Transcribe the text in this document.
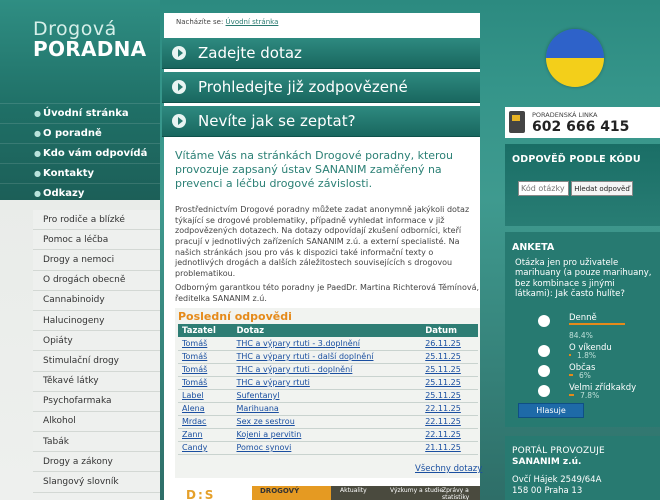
Drogová
PORADNA
● Úvodní stránka
● O poradně
● Kdo vám odpovídá
● Kontakty
● Odkazy
Pro rodiče a blízké
Pomoc a léčba
Drogy a nemoci
O drogách obecně
Cannabinoidy
Halucinogeny
Opiáty
Stimulační drogy
Těkavé látky
Psychofarmaka
Alkohol
Tabák
Drogy a zákony
Slangový slovník
Nacházíte se: Úvodní stránka
Zadejte dotaz
Prohledejte již zodpovězené
Nevíte jak se zeptat?
Vítáme Vás na stránkách Drogové poradny, kterou provozuje zapsaný ústav SANANIM zaměřený na prevenci a léčbu drogové závislosti.
Prostřednictvím Drogové poradny můžete zadat anonymně jakýkoli dotaz týkající se drogové problematiky, případně vyhledat informace v již zodpovězených dotazech. Na dotazy odpovídají zkušení odborníci, kteří pracují v jednotlivých zařízeních SANANIM z.ú. a externí specialisté. Na našich stránkách jsou pro vás k dispozici také informační texty o jednotlivých drogách a dalších záležitostech souvisejících s drogovou problematikou.
Odborným garantkou této poradny je PaedDr. Martina Richterová Těmínová, ředitelka SANANIM z.ú.
Poslední odpovědi
Tazatel	Dotaz	Datum
Tomáš	THC a výpary rtuti - 3.doplnění	26.11.25
Tomáš	THC a výpary rtuti - další doplnění	25.11.25
Tomáš	THC a výpary rtuti - doplnění	25.11.25
Tomáš	THC a výpary rtuti	25.11.25
Label	Sufentanyl	25.11.25
Alena	Marihuana	22.11.25
Mrdac	Sex ze sestrou	22.11.25
Zann	Kojeni a pervitin	22.11.25
Candy	Pomoc synovi	21.11.25
Všechny dotazy
D:S	Aktuality	Výzkumy a studie
Zprávy a statistiky
DROGOVÝ
PORADENSKÁ LINKA
602 666 415
ODPOVĚĎ PODLE KÓDU
Kód otázky
Hledat odpověď
ANKETA
Otázka jen pro uživatele marihuany (a pouze marihuany, bez kombinace s jinými látkami): Jak často hulíte?
Denně
84.4%
O víkendu
1.8%
Občas
6%
Velmi zřídkakdy
7.8%
Hlasuje
PORTÁL PROVOZUJE
SANANIM z.ú.
Ovčí Hájek 2549/64A
158 00 Praha 13
